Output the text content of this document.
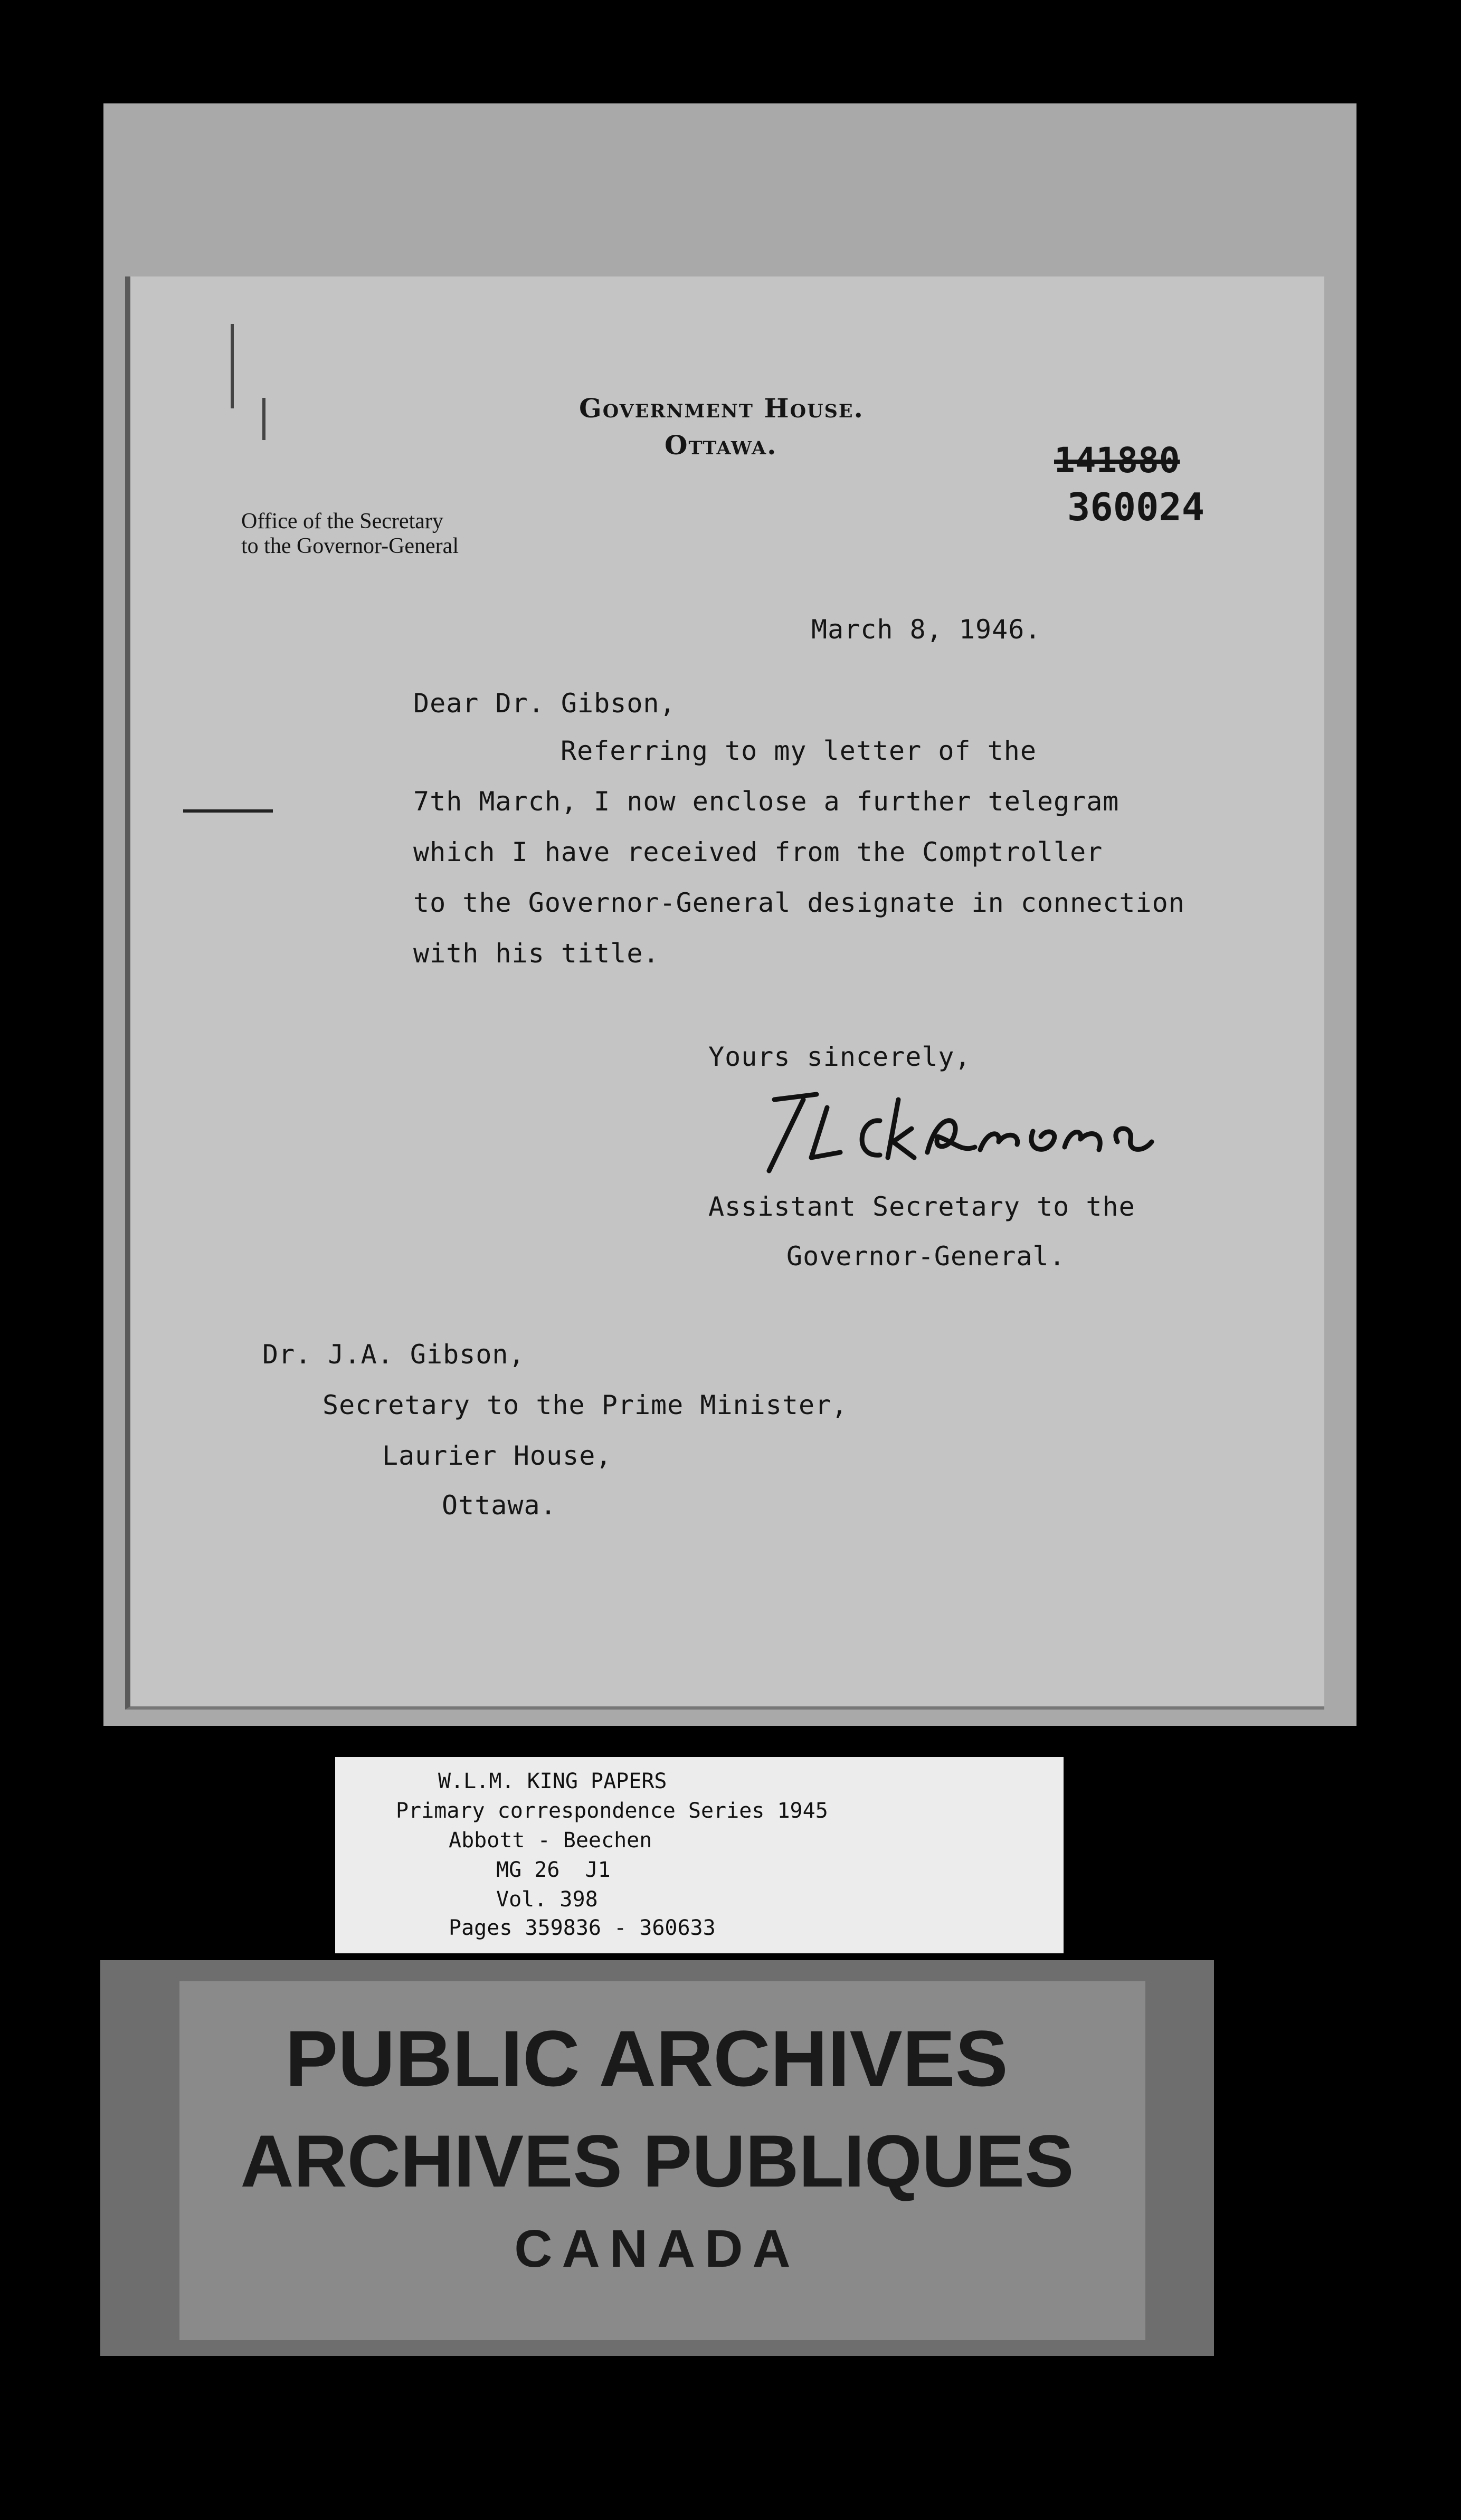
Government House.
Ottawa.
Office of the Secretary
to the Governor-General
141880
360024
March 8, 1946.
Dear Dr. Gibson,
Referring to my letter of the
7th March, I now enclose a further telegram
which I have received from the Comptroller
to the Governor-General designate in connection
with his title.
Yours sincerely,
Assistant Secretary to the
Governor-General.
Dr. J.A. Gibson,
Secretary to the Prime Minister,
Laurier House,
Ottawa.
W.L.M. KING PAPERS
Primary correspondence Series 1945
Abbott - Beechen
MG 26  J1
Vol. 398
Pages 359836 - 360633
PUBLIC ARCHIVES
ARCHIVES PUBLIQUES
CANADA
